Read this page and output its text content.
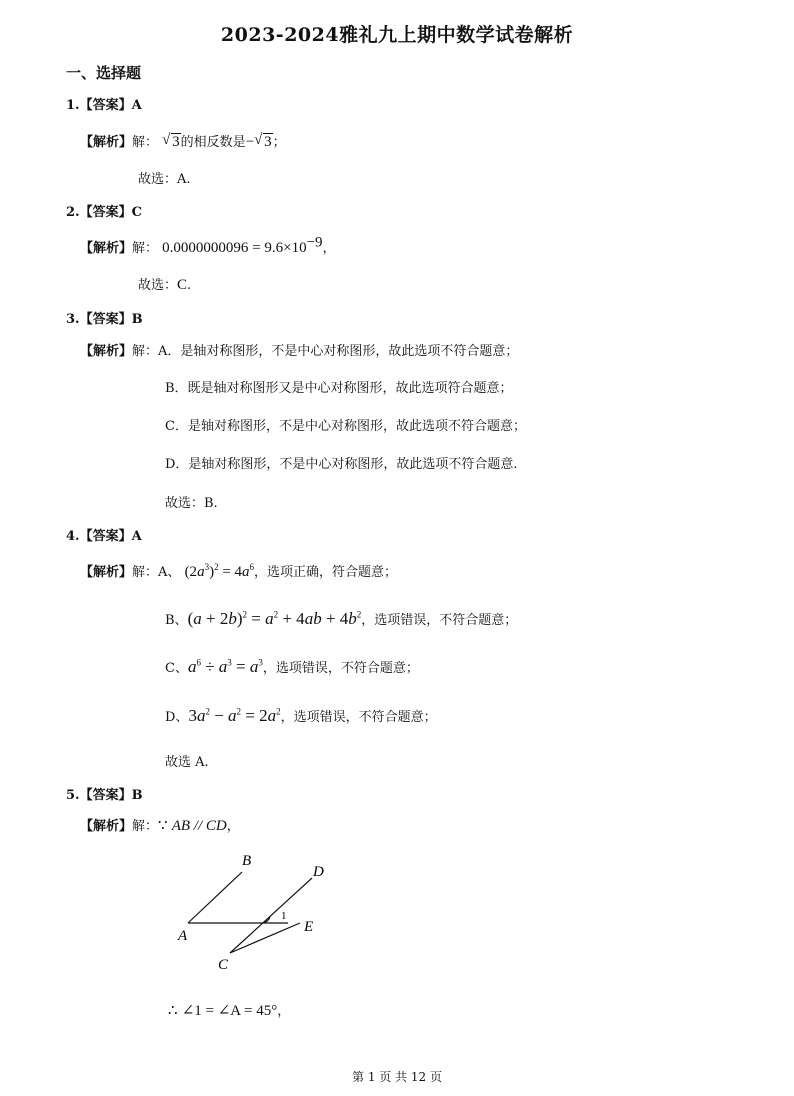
2023-2024雅礼九上期中数学试卷解析
一、选择题
1.【答案】A
【解析】解： √ 3的相反数是− √ 3；
故选：A.
2.【答案】C
【解析】解： $0.0000000096 = 9.6\times 10^{-9}$，
故选：C.
3.【答案】B
【解析】解：A．是轴对称图形，不是中心对称图形，故此选项不符合题意；
B．既是轴对称图形又是中心对称图形，故此选项符合题意；
C．是轴对称图形，不是中心对称图形，故此选项不符合题意；
D．是轴对称图形，不是中心对称图形，故此选项不符合题意.
故选：B.
4.【答案】A
【解析】解：A、 $(2a^3)^2 = 4a^6$，选项正确，符合题意；
B、$(a + 2b)^2 = a^2 + 4ab + 4b^2$，选项错误，不符合题意；
C、$a^6 \div a^3 = a^3$，选项错误，不符合题意；
D、$3a^2 - a^2 = 2a^2$，选项错误，不符合题意；
故选 A.
5.【答案】B
【解析】解：∵ AB // CD，
B
D
A
E
C
1
∴ ∠1 = ∠A = 45°，
第 1 页 共 12 页
